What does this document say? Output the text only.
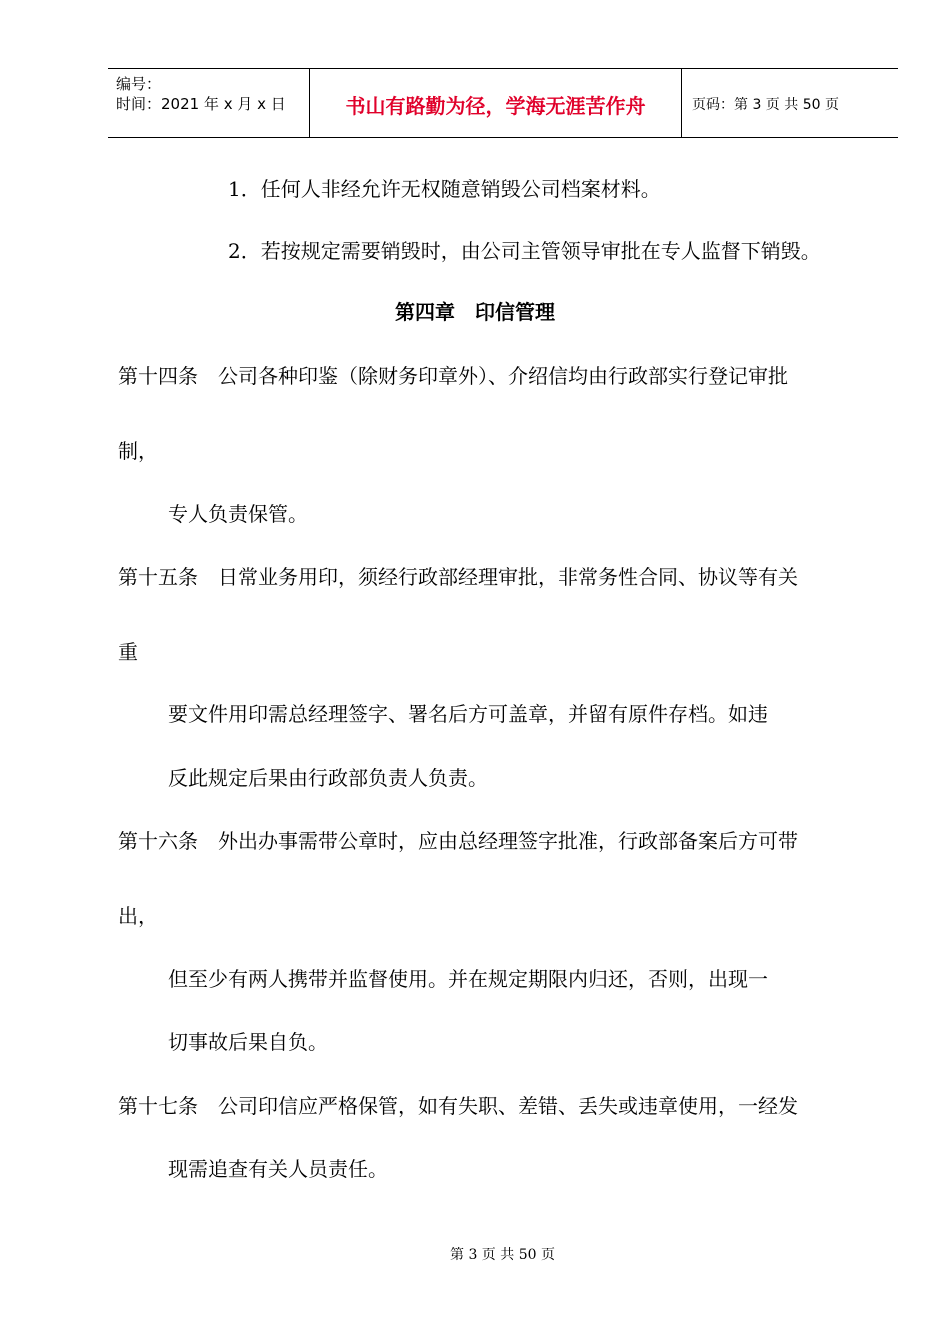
编号：
时间：2021 年 x 月 x 日	书山有路勤为径，学海无涯苦作舟	页码：第 3 页 共 50 页
1．任何人非经允许无权随意销毁公司档案材料。
2．若按规定需要销毁时，由公司主管领导审批在专人监督下销毁。
第四章　印信管理
第十四条　公司各种印鉴（除财务印章外）、介绍信均由行政部实行登记审批
制，
专人负责保管。
第十五条　日常业务用印，须经行政部经理审批，非常务性合同、协议等有关
重
要文件用印需总经理签字、署名后方可盖章，并留有原件存档。如违
反此规定后果由行政部负责人负责。
第十六条　外出办事需带公章时，应由总经理签字批准，行政部备案后方可带
出，
但至少有两人携带并监督使用。并在规定期限内归还，否则，出现一
切事故后果自负。
第十七条　公司印信应严格保管，如有失职、差错、丢失或违章使用，一经发
现需追查有关人员责任。
第 3 页 共 50 页
